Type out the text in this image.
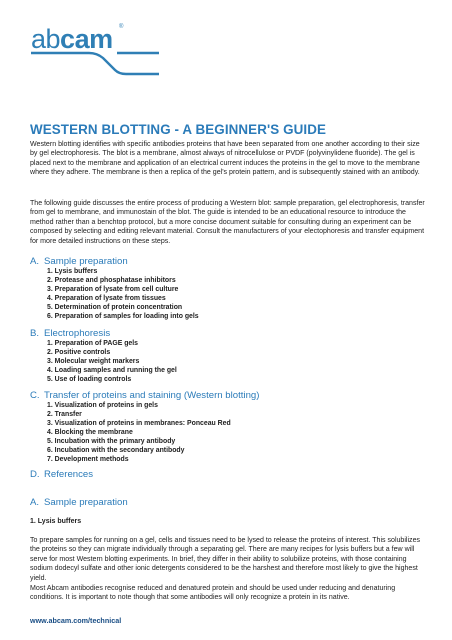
abcam ®
WESTERN BLOTTING - A BEGINNER'S GUIDE

Western blotting identifies with specific antibodies proteins that have been separated from one another according to their size by gel electrophoresis. The blot is a membrane, almost always of nitrocellulose or PVDF (polyvinylidene fluoride). The gel is placed next to the membrane and application of an electrical current induces the proteins in the gel to move to the membrane where they adhere. The membrane is then a replica of the gel's protein pattern, and is subsequently stained with an antibody.

The following guide discusses the entire process of producing a Western blot: sample preparation, gel electrophoresis, transfer from gel to membrane, and immunostain of the blot. The guide is intended to be an educational resource to introduce the method rather than a benchtop protocol, but a more concise document suitable for consulting during an experiment can be composed by selecting and editing relevant material. Consult the manufacturers of your electophoresis and transfer equipment for more detailed instructions on these steps.

A. Sample preparation
1. Lysis buffers
2. Protease and phosphatase inhibitors
3. Preparation of lysate from cell culture
4. Preparation of lysate from tissues
5. Determination of protein concentration
6. Preparation of samples for loading into gels
B. Electrophoresis
1. Preparation of PAGE gels
2. Positive controls
3. Molecular weight markers
4. Loading samples and running the gel
5. Use of loading controls
C. Transfer of proteins and staining (Western blotting)
1. Visualization of proteins in gels
2. Transfer
3. Visualization of proteins in membranes: Ponceau Red
4. Blocking the membrane
5. Incubation with the primary antibody
6. Incubation with the secondary antibody
7. Development methods
D. References
A. Sample preparation
1. Lysis buffers

To prepare samples for running on a gel, cells and tissues need to be lysed to release the proteins of interest. This solubilizes the proteins so they can migrate individually through a separating gel. There are many recipes for lysis buffers but a few will serve for most Western blotting experiments. In brief, they differ in their ability to solubilize proteins, with those containing sodium dodecyl sulfate and other ionic detergents considered to be the harshest and therefore most likely to give the highest yield.

Most Abcam antibodies recognise reduced and denatured protein and should be used under reducing and denaturing conditions. It is important to note though that some antibodies will only recognize a protein in its native.

www.abcam.com/technical
